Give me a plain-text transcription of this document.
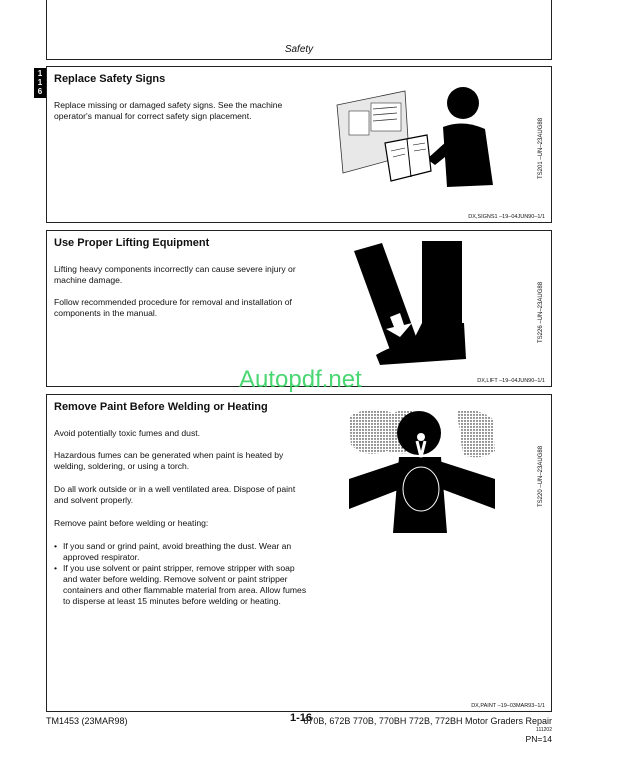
Safety
1
1
6
Replace Safety Signs

Replace missing or damaged safety signs. See the machine operator's manual for correct safety sign placement.

TS201 –UN–23AUG88
DX,SIGNS1 –19–04JUN90–1/1
Use Proper Lifting Equipment

Lifting heavy components incorrectly can cause severe injury or machine damage.

Follow recommended procedure for removal and installation of components in the manual.	TS226 –UN–23AUG88
DX,LIFT –19–04JUN90–1/1
Remove Paint Before Welding or Heating

Avoid potentially toxic fumes and dust.

Hazardous fumes can be generated when paint is heated by welding, soldering, or using a torch.

Do all work outside or in a well ventilated area. Dispose of paint and solvent properly.

Remove paint before welding or heating:

• If you sand or grind paint, avoid breathing the dust. Wear an approved respirator.
• If you use solvent or paint stripper, remove stripper with soap and water before welding. Remove solvent or paint stripper containers and other flammable material from area. Allow fumes to disperse at least 15 minutes before welding or heating.
TS220 –UN–23AUG88
DX,PAINT –19–03MAR93–1/1
Autopdf.net
TM1453 (23MAR98)	1-16
670B, 672B 770B, 770BH 772B, 772BH Motor Graders Repair
111202
PN=14
